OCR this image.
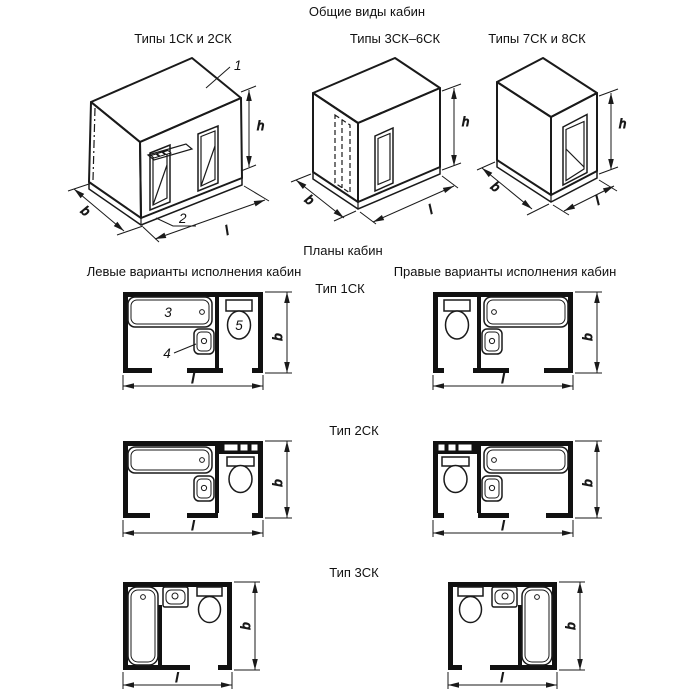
Общие виды кабин
Типы 1СК и 2СК	Типы 3СК–6СК	Типы 7СК и 8СК
Планы кабин
Левые варианты исполнения кабин	Правые варианты исполнения кабин
Тип 1СК
Тип 2СК
Тип 3СК
1
2
h
b
l
h
b
l
h
b
l
3
4
5
b
l
b
l
b
l
b
l
b
l
b
l
